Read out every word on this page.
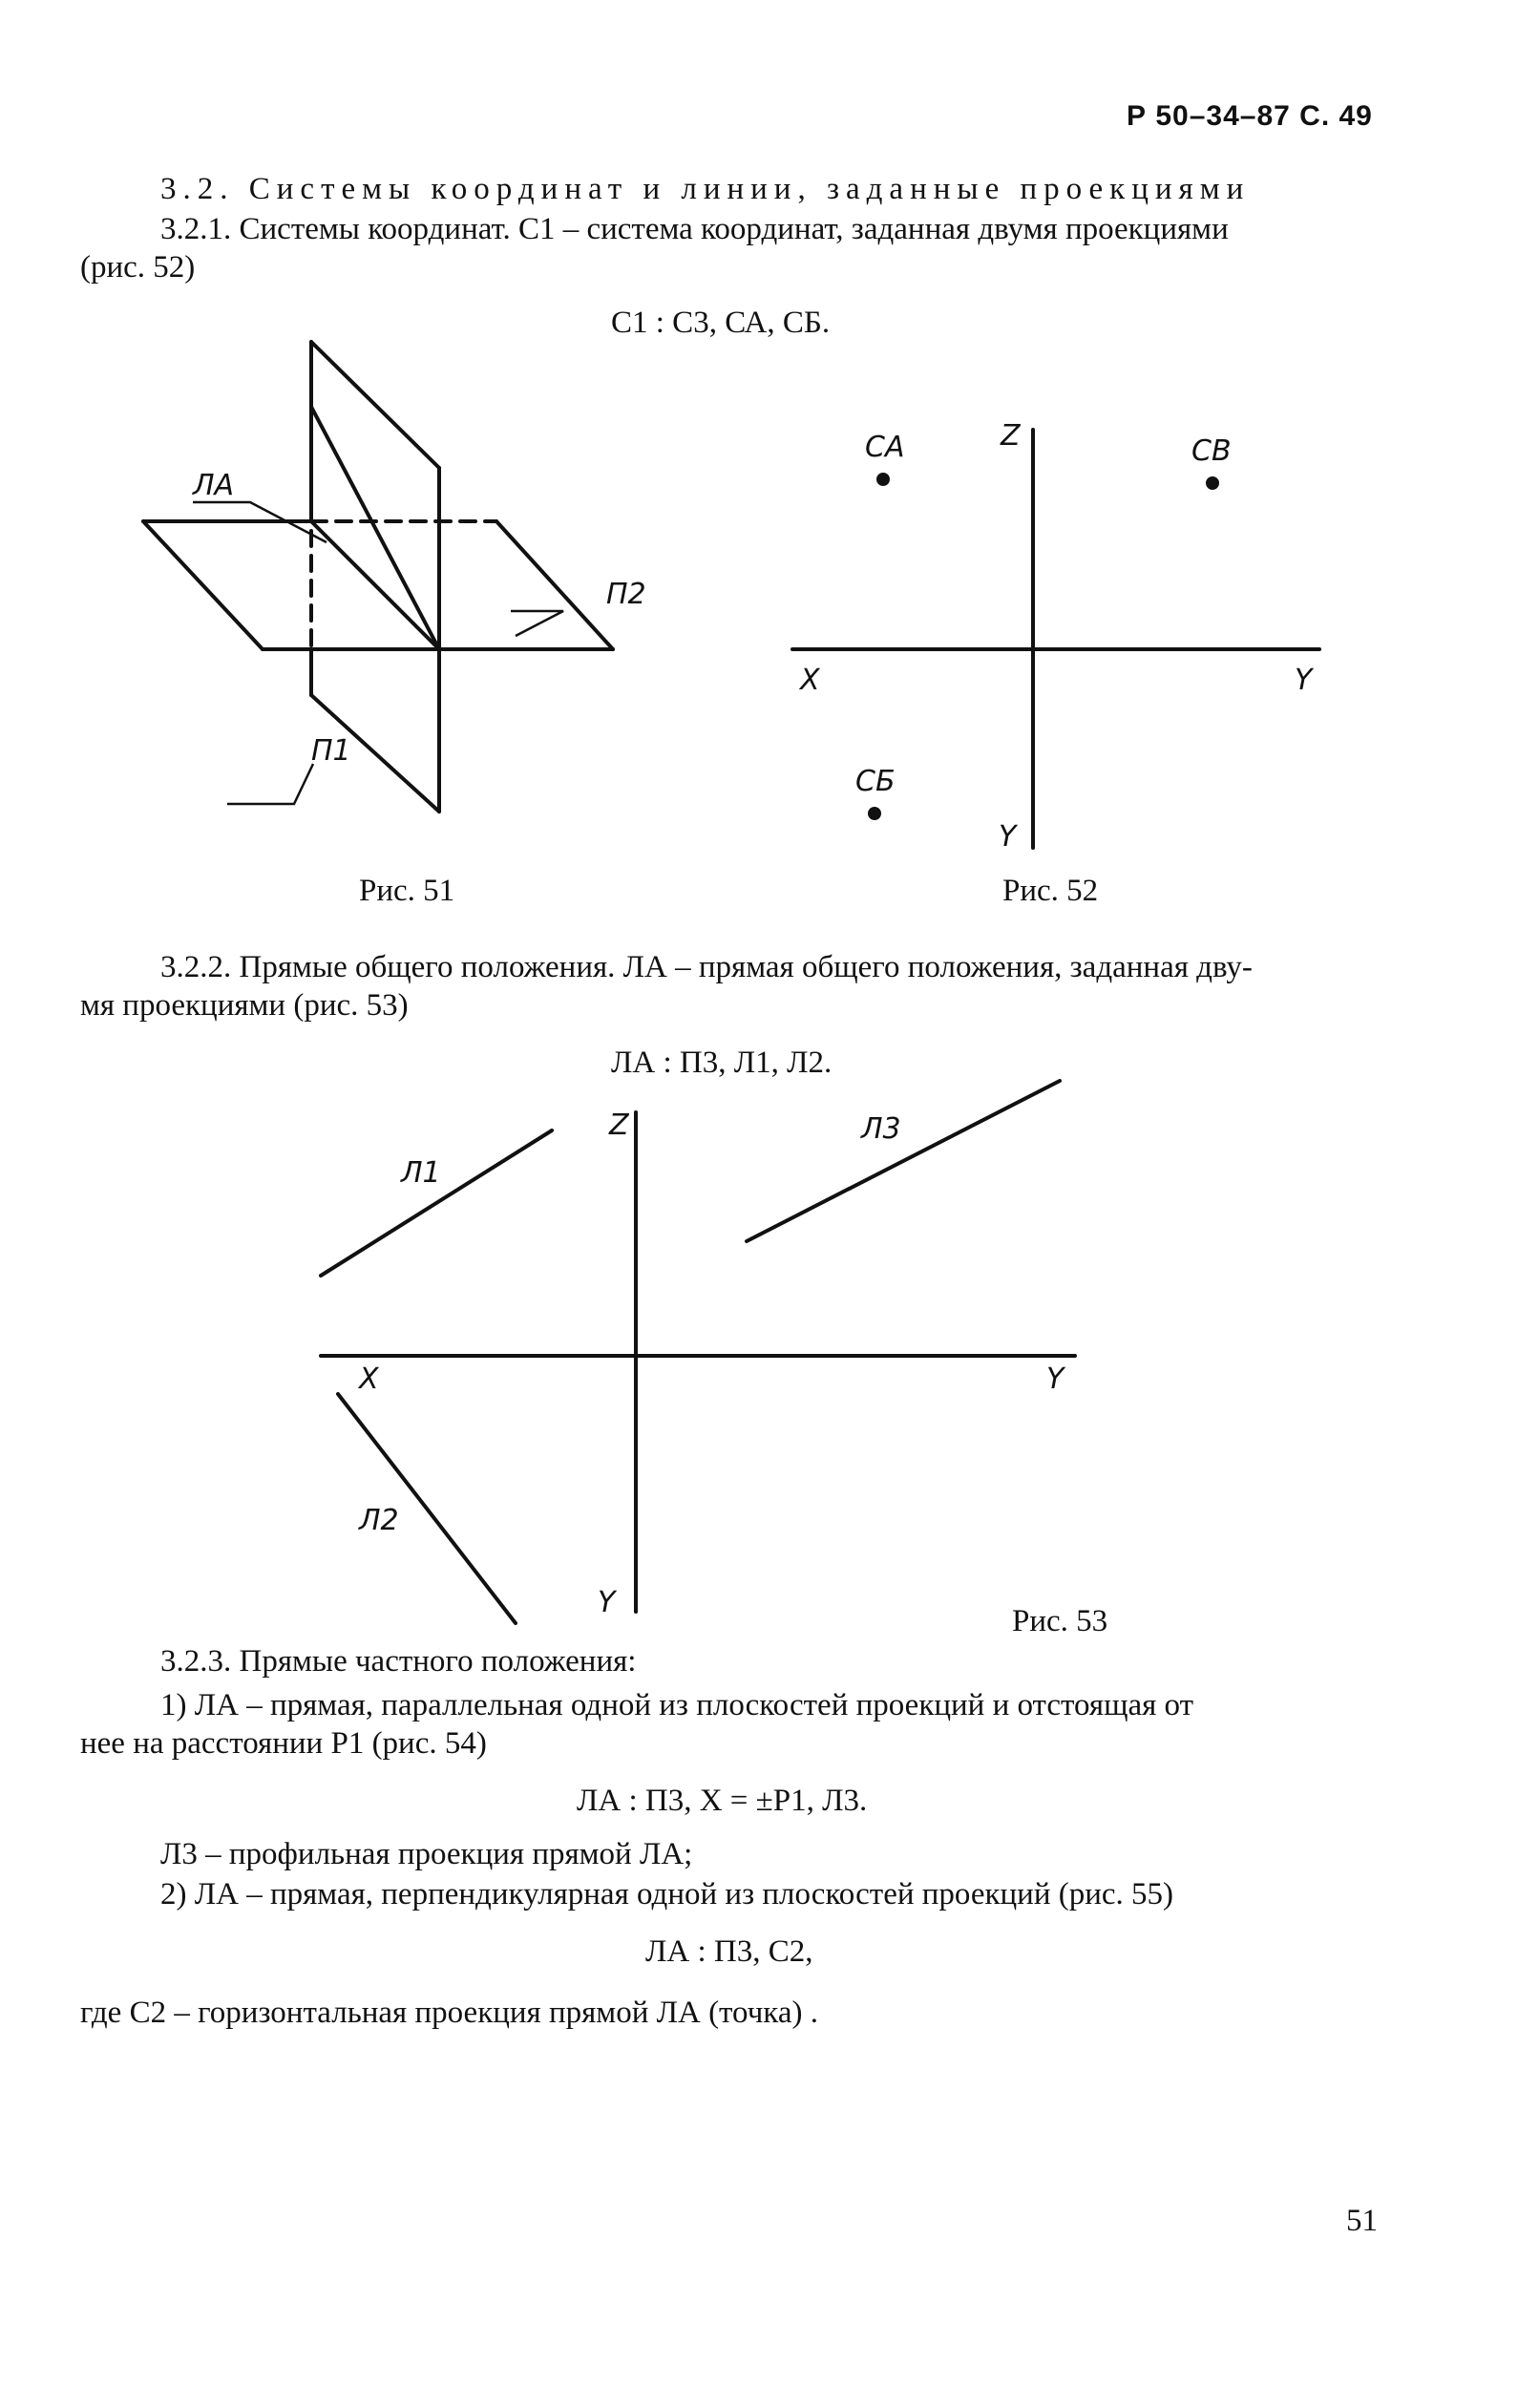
Р 50–34–87 С. 49
3.2. Системы координат и линии, заданные проекциями
3.2.1. Системы координат. С1 – система координат, заданная двумя проекциями
(рис. 52)
С1 : С3, СА, СБ.
ЛА
П2
П1
Рис. 51
Z
X	Y
Y
СА	СВ
СБ
Рис. 52
3.2.2. Прямые общего положения. ЛА – прямая общего положения, заданная дву-
мя проекциями (рис. 53)
ЛА : П3, Л1, Л2.
Z
X	Y
Y
Л1
Л3
Л2
Рис. 53
3.2.3. Прямые частного положения:
1) ЛА – прямая, параллельная одной из плоскостей проекций и отстоящая от
нее на расстоянии Р1 (рис. 54)
ЛА : П3, Х = ±Р1, Л3.
Л3 – профильная проекция прямой ЛА;
2) ЛА – прямая, перпендикулярная одной из плоскостей проекций (рис. 55)
ЛА : П3, С2,
где С2 – горизонтальная проекция прямой ЛА (точка) .
51
